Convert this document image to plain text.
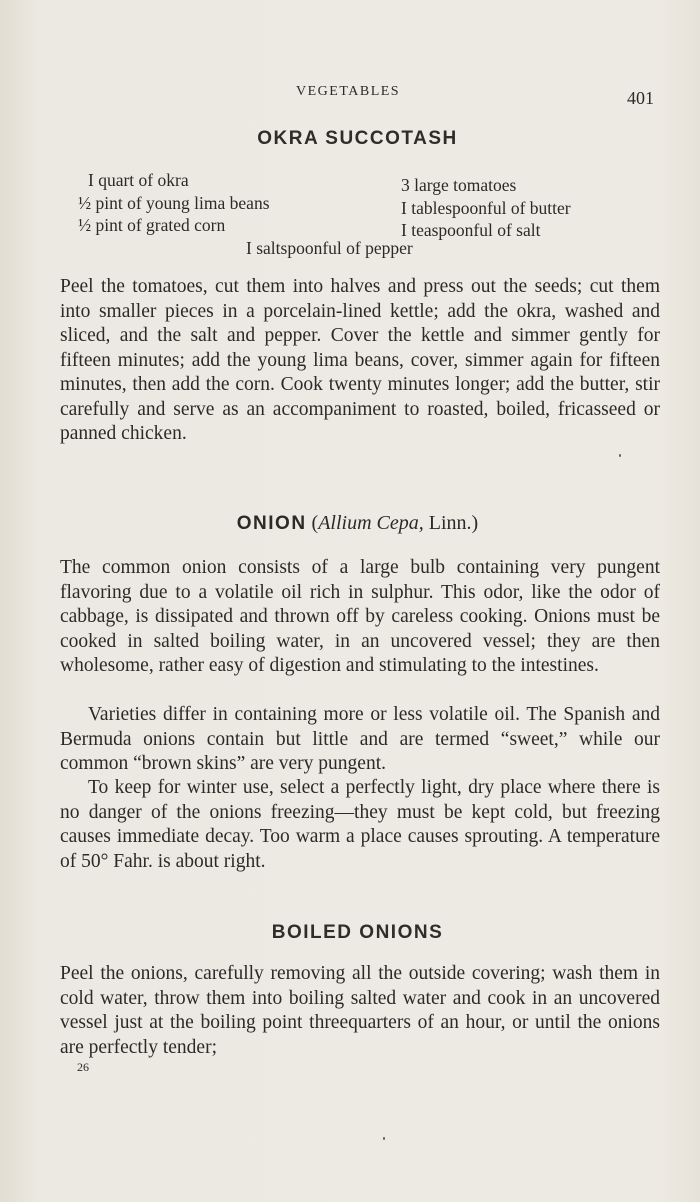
VEGETABLES	401
OKRA SUCCOTASH
I quart of okra	3 large tomatoes
½ pint of young lima beans	I tablespoonful of butter
½ pint of grated corn	I teaspoonful of salt
I saltspoonful of pepper

Peel the tomatoes, cut them into halves and press out the seeds; cut them into smaller pieces in a porcelain-lined kettle; add the okra, washed and sliced, and the salt and pepper. Cover the kettle and simmer gently for fifteen minutes; add the young lima beans, cover, simmer again for fifteen minutes, then add the corn. Cook twenty minutes longer; add the butter, stir carefully and serve as an accompaniment to roasted, boiled, fricasseed or panned chicken.

ONION (Allium Cepa, Linn.)

The common onion consists of a large bulb containing very pungent flavoring due to a volatile oil rich in sulphur. This odor, like the odor of cabbage, is dissipated and thrown off by careless cooking. Onions must be cooked in salted boiling water, in an uncovered vessel; they are then wholesome, rather easy of digestion and stimulating to the intestines.

Varieties differ in containing more or less volatile oil. The Spanish and Bermuda onions contain but little and are termed “sweet,” while our common “brown skins” are very pungent.

To keep for winter use, select a perfectly light, dry place where there is no danger of the onions freezing—they must be kept cold, but freezing causes immediate decay. Too warm a place causes sprouting. A temperature of 50° Fahr. is about right.

BOILED ONIONS

Peel the onions, carefully removing all the outside covering; wash them in cold water, throw them into boiling salted water and cook in an uncovered vessel just at the boiling point threequarters of an hour, or until the onions are perfectly tender;

26
